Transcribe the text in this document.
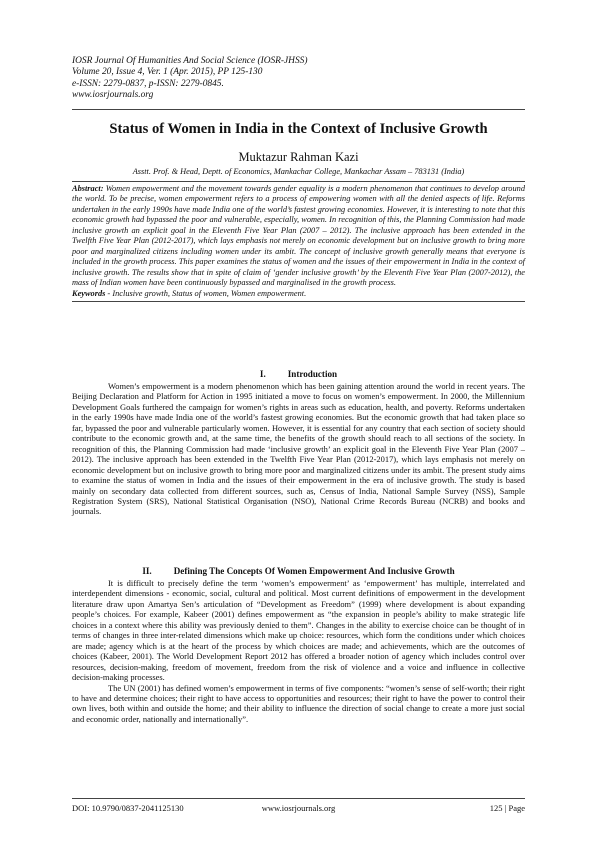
IOSR Journal Of Humanities And Social Science (IOSR-JHSS)
Volume 20, Issue 4, Ver. 1 (Apr. 2015), PP 125-130
e-ISSN: 2279-0837, p-ISSN: 2279-0845.
www.iosrjournals.org
Status of Women in India in the Context of Inclusive Growth
Muktazur Rahman Kazi
Asstt. Prof. & Head, Deptt. of Economics, Mankachar College, Mankachar Assam – 783131 (India)

Abstract: Women empowerment and the movement towards gender equality is a modern phenomenon that continues to develop around the world. To be precise, women empowerment refers to a process of empowering women with all the denied aspects of life. Reforms undertaken in the early 1990s have made India one of the world’s fastest growing economies. However, it is interesting to note that this economic growth had bypassed the poor and vulnerable, especially, women. In recognition of this, the Planning Commission had made inclusive growth an explicit goal in the Eleventh Five Year Plan (2007 – 2012). The inclusive approach has been extended in the Twelfth Five Year Plan (2012-2017), which lays emphasis not merely on economic development but on inclusive growth to bring more poor and marginalized citizens including women under its ambit. The concept of inclusive growth generally means that everyone is included in the growth process. This paper examines the status of women and the issues of their empowerment in India in the context of inclusive growth. The results show that in spite of claim of ‘gender inclusive growth’ by the Eleventh Five Year Plan (2007-2012), the mass of Indian women have been continuously bypassed and marginalised in the growth process.

Keywords - Inclusive growth, Status of women, Women empowerment.

I. Introduction

Women’s empowerment is a modern phenomenon which has been gaining attention around the world in recent years. The Beijing Declaration and Platform for Action in 1995 initiated a move to focus on women’s empowerment. In 2000, the Millennium Development Goals furthered the campaign for women’s rights in areas such as education, health, and poverty. Reforms undertaken in the early 1990s have made India one of the world’s fastest growing economies. But the economic growth that had taken place so far, bypassed the poor and vulnerable particularly women. However, it is essential for any country that each section of society should contribute to the economic growth and, at the same time, the benefits of the growth should reach to all sections of the society. In recognition of this, the Planning Commission had made ‘inclusive growth’ an explicit goal in the Eleventh Five Year Plan (2007 – 2012). The inclusive approach has been extended in the Twelfth Five Year Plan (2012-2017), which lays emphasis not merely on economic development but on inclusive growth to bring more poor and marginalized citizens under its ambit. The present study aims to examine the status of women in India and the issues of their empowerment in the era of inclusive growth. The study is based mainly on secondary data collected from different sources, such as, Census of India, National Sample Survey (NSS), Sample Registration System (SRS), National Statistical Organisation (NSO), National Crime Records Bureau (NCRB) and books and journals.

II. Defining The Concepts Of Women Empowerment And Inclusive Growth

It is difficult to precisely define the term ‘women’s empowerment’ as ‘empowerment’ has multiple, interrelated and interdependent dimensions - economic, social, cultural and political. Most current definitions of empowerment in the development literature draw upon Amartya Sen’s articulation of “Development as Freedom” (1999) where development is about expanding people’s choices. For example, Kabeer (2001) defines empowerment as “the expansion in people’s ability to make strategic life choices in a context where this ability was previously denied to them”. Changes in the ability to exercise choice can be thought of in terms of changes in three inter-related dimensions which make up choice: resources, which form the conditions under which choices are made; agency which is at the heart of the process by which choices are made; and achievements, which are the outcomes of choices (Kabeer, 2001). The World Development Report 2012 has offered a broader notion of agency which includes control over resources, decision-making, freedom of movement, freedom from the risk of violence and a voice and influence in collective decision-making processes.

The UN (2001) has defined women’s empowerment in terms of five components: “women’s sense of self-worth; their right to have and determine choices; their right to have access to opportunities and resources; their right to have the power to control their own lives, both within and outside the home; and their ability to influence the direction of social change to create a more just social and economic order, nationally and internationally”.

DOI: 10.9790/0837-2041125130	www.iosrjournals.org	125 | Page
